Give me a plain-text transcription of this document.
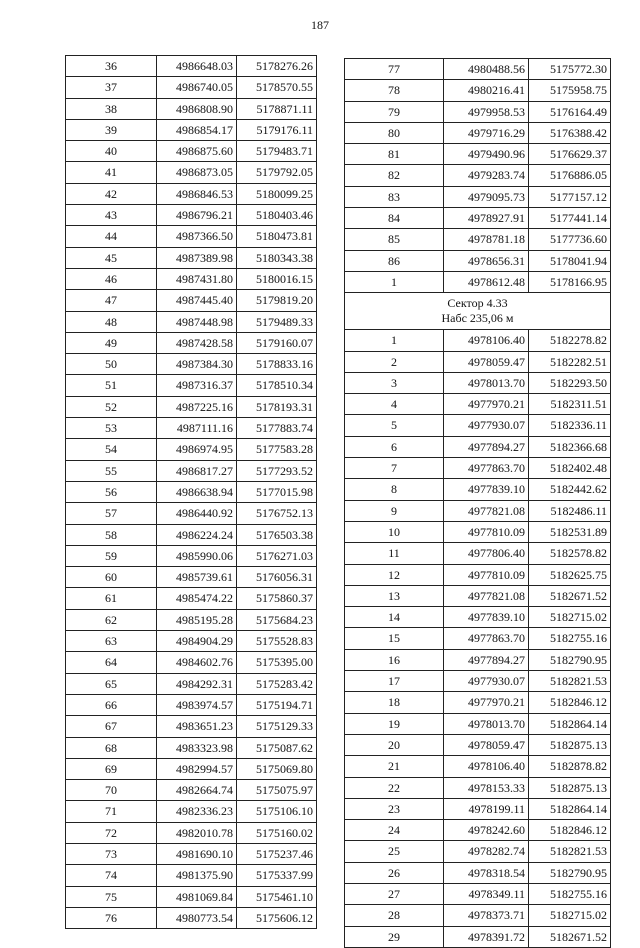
187
36	4986648.03	5178276.26
37	4986740.05	5178570.55
38	4986808.90	5178871.11
39	4986854.17	5179176.11
40	4986875.60	5179483.71
41	4986873.05	5179792.05
42	4986846.53	5180099.25
43	4986796.21	5180403.46
44	4987366.50	5180473.81
45	4987389.98	5180343.38
46	4987431.80	5180016.15
47	4987445.40	5179819.20
48	4987448.98	5179489.33
49	4987428.58	5179160.07
50	4987384.30	5178833.16
51	4987316.37	5178510.34
52	4987225.16	5178193.31
53	4987111.16	5177883.74
54	4986974.95	5177583.28
55	4986817.27	5177293.52
56	4986638.94	5177015.98
57	4986440.92	5176752.13
58	4986224.24	5176503.38
59	4985990.06	5176271.03
60	4985739.61	5176056.31
61	4985474.22	5175860.37
62	4985195.28	5175684.23
63	4984904.29	5175528.83
64	4984602.76	5175395.00
65	4984292.31	5175283.42
66	4983974.57	5175194.71
67	4983651.23	5175129.33
68	4983323.98	5175087.62
69	4982994.57	5175069.80
70	4982664.74	5175075.97
71	4982336.23	5175106.10
72	4982010.78	5175160.02
73	4981690.10	5175237.46
74	4981375.90	5175337.99
75	4981069.84	5175461.10
76	4980773.54	5175606.12
77	4980488.56	5175772.30
78	4980216.41	5175958.75
79	4979958.53	5176164.49
80	4979716.29	5176388.42
81	4979490.96	5176629.37
82	4979283.74	5176886.05
83	4979095.73	5177157.12
84	4978927.91	5177441.14
85	4978781.18	5177736.60
86	4978656.31	5178041.94
1	4978612.48	5178166.95

Сектор 4.33
Набс 235,06 м		

1	4978106.40	5182278.82
2	4978059.47	5182282.51
3	4978013.70	5182293.50
4	4977970.21	5182311.51
5	4977930.07	5182336.11
6	4977894.27	5182366.68
7	4977863.70	5182402.48
8	4977839.10	5182442.62
9	4977821.08	5182486.11
10	4977810.09	5182531.89
11	4977806.40	5182578.82
12	4977810.09	5182625.75
13	4977821.08	5182671.52
14	4977839.10	5182715.02
15	4977863.70	5182755.16
16	4977894.27	5182790.95
17	4977930.07	5182821.53
18	4977970.21	5182846.12
19	4978013.70	5182864.14
20	4978059.47	5182875.13
21	4978106.40	5182878.82
22	4978153.33	5182875.13
23	4978199.11	5182864.14
24	4978242.60	5182846.12
25	4978282.74	5182821.53
26	4978318.54	5182790.95
27	4978349.11	5182755.16
28	4978373.71	5182715.02
29	4978391.72	5182671.52
